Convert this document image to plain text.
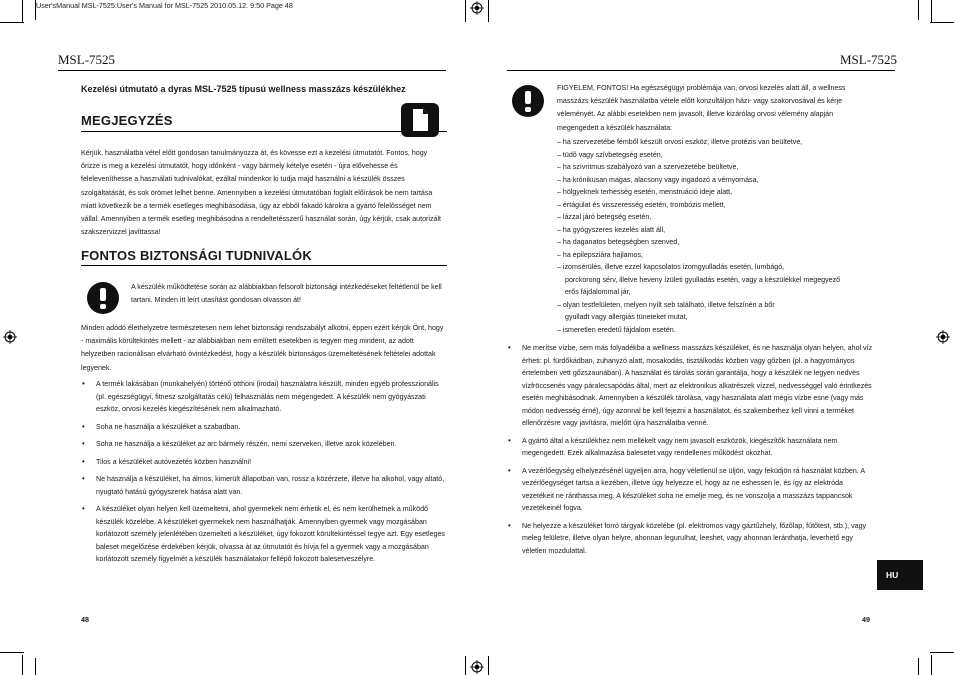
User'sManual MSL-7525:User's Manual for MSL-7525 2010.05.12. 9:50 Page 48
MSL-7525
Kezelési útmutató a dyras MSL-7525 típusú wellness masszázs készülékhez
MEGJEGYZÉS

Kérjük, használatba vétel előtt gondosan tanulmányozza át, és kövesse ezt a kezelési útmutatót. Fontos, hogy őrizze is meg a kezelési útmutatót, hogy időnként - vagy bármely kételye esetén - újra elővehesse és feleleveníthesse a használati tudnivalókat, ezáltal mindenkor ki tudja majd használni a készülék összes szolgáltatását, és sok örömet lelhet benne. Amennyiben a kezelési útmutatóban foglalt előírások be nem tartása miatt következik be a termék esetleges meghibásodása, úgy az ebből fakadó károkra a gyártó felelősséget nem vállal. Amennyiben a termék esetleg meghibásodna a rendeltetésszerű használat során, úgy kérjük, csak autorizált szakszervizzel javíttassa!

FONTOS BIZTONSÁGI TUDNIVALÓK

A készülék működtetése során az alábbiakban felsorolt biztonsági intézkedéseket feltétlenül be kell tartani. Minden itt leírt utasítást gondosan olvasson át!

Minden adódó élethelyzetre természetesen nem lehet biztonsági rendszabályt alkotni, éppen ezért kérjük Önt, hogy - maximális körültekintés mellett - az alábbiakban nem említett esetekben is tegyen meg mindent, az adott helyzetben racionálisan elvárható óvintézkedést, hogy a készülék biztonságos üzemeltetésének feltételei adottak legyenek.

• A termék lakásában (munkahelyén) történő otthoni (irodai) használatra készült, minden egyéb professzionális (pl. egészségügyi, fitnesz szolgáltatás célú) felhasználás nem megengedett. A készülék nem gyógyászati eszköz, orvosi kezelés kiegészítésének nem alkalmazható.
• Soha ne használja a készüléket a szabadban.
• Soha ne használja a készüléket az arc bármely részén, nemi szerveken, illetve azok közelében.
• Tilos a készüléket autóvezetés közben használni!
• Ne használja a készüléket, ha álmos, kimerült állapotban van, rossz a közérzete, illetve ha alkohol, vagy altató, nyugtató hatású gyógyszerek hatása alatt van.
• A készüléket olyan helyen kell üzemeltetni, ahol gyermekek nem érhetik el, és nem kerülhetnek a működő készülék közelébe. A készüléket gyermekek nem használhatják. Amennyiben gyermek vagy mozgásában korlátozott személy jelenlétében üzemelteti a készüléket, úgy fokozott körültekintéssel tegye azt. Egy esetleges baleset megelőzése érdekében kérjük, olvassa át az útmutatót és hívja fel a gyermek vagy a mozgásában korlátozott személy figyelmét a készülék használatakor fellépő fokozott balesetveszélyre.
48
MSL-7525

FIGYELEM, FONTOS! Ha egészségügyi problémája van, orvosi kezelés alatt áll, a wellness masszázs készülék használatba vétele előtt konzultáljon házi- vagy szakorvosával és kérje véleményét. Az alábbi esetekben nem javasolt, illetve kizárólag orvosi vélemény alapján megengedett a készülék használata:

– ha szervezetébe fémből készült orvosi eszköz, illetve protézis van beültetve,
– tüdő vagy szívbetegség esetén,
– ha szívritmus szabályozó van a szervezetébe beültetve,
– ha krónikusan magas, alacsony vagy ingadozó a vérnyomása,
– hölgyeknek terhesség esetén, menstruáció ideje alatt,
– értágulat és visszeresség esetén, trombózis mellett,
– lázzal járó betegség esetén,
– ha gyógyszeres kezelés alatt áll,
– ha daganatos betegségben szenved,
– ha epilepsziára hajlamos,
– izomsérülés, illetve ezzel kapcsolatos izomgyulladás esetén, lumbágó,
porckorong sérv, illetve heveny ízületi gyulladás esetén, vagy a készülékkel megegyező
erős fájdalommal jár,
– olyan testfelületen, melyen nyílt seb található, illetve felszínén a bőr
gyulladt vagy allergiás tüneteket mutat,
– ismeretlen eredetű fájdalom esetén.
• Ne merítse vízbe, sem más folyadékba a wellness masszázs készüléket, és ne használja olyan helyen, ahol víz érheti: pl. fürdőkádban, zuhanyzó alatt, mosakodás, tisztálkodás közben vagy gőzben (pl. a hagyományos értelemben vett gőzszaunában). A használat és tárolás során garantálja, hogy a készülék ne legyen nedves vízfröccsenés vagy páralecsapódás által, mert az elektronikus alkatrészek vízzel, nedvességgel való érintkezés esetén meghibásodnak. Amennyiben a készülék tárolása, vagy használata alatt mégis vízbe esne (vagy más módon nedvesség érné), úgy azonnal be kell fejezni a használatot, és szakemberhez kell vinni a terméket ellenőrzésre vagy javításra, mielőtt újra használatba venné.
• A gyártó által a készülékhez nem mellékelt vagy nem javasolt eszközök, kiegészítők használata nem megengedett. Ezek alkalmazása balesetet vagy rendellenes működést okozhat.
• A vezérlőegység elhelyezésénél ügyeljen arra, hogy véletlenül se üljön, vagy feküdjön rá használat közben. A vezérlőegységet tartsa a kezében, illetve úgy helyezze el, hogy az ne eshessen le, és így az elektróda vezetékeit ne ránthassa meg. A készüléket soha ne emelje meg, és ne vonszolja a masszázs tappancsok vezetékeinél fogva.
• Ne helyezze a készüléket forró tárgyak közelébe (pl. elektromos vagy gáztűzhely, főzőlap, fűtőtest, stb.), vagy meleg felületre, illetve olyan helyre, ahonnan leguruIhat, leeshet, vagy ahonnan leránthatja, leverhető egy véletlen mozdulattal.
HU
49
